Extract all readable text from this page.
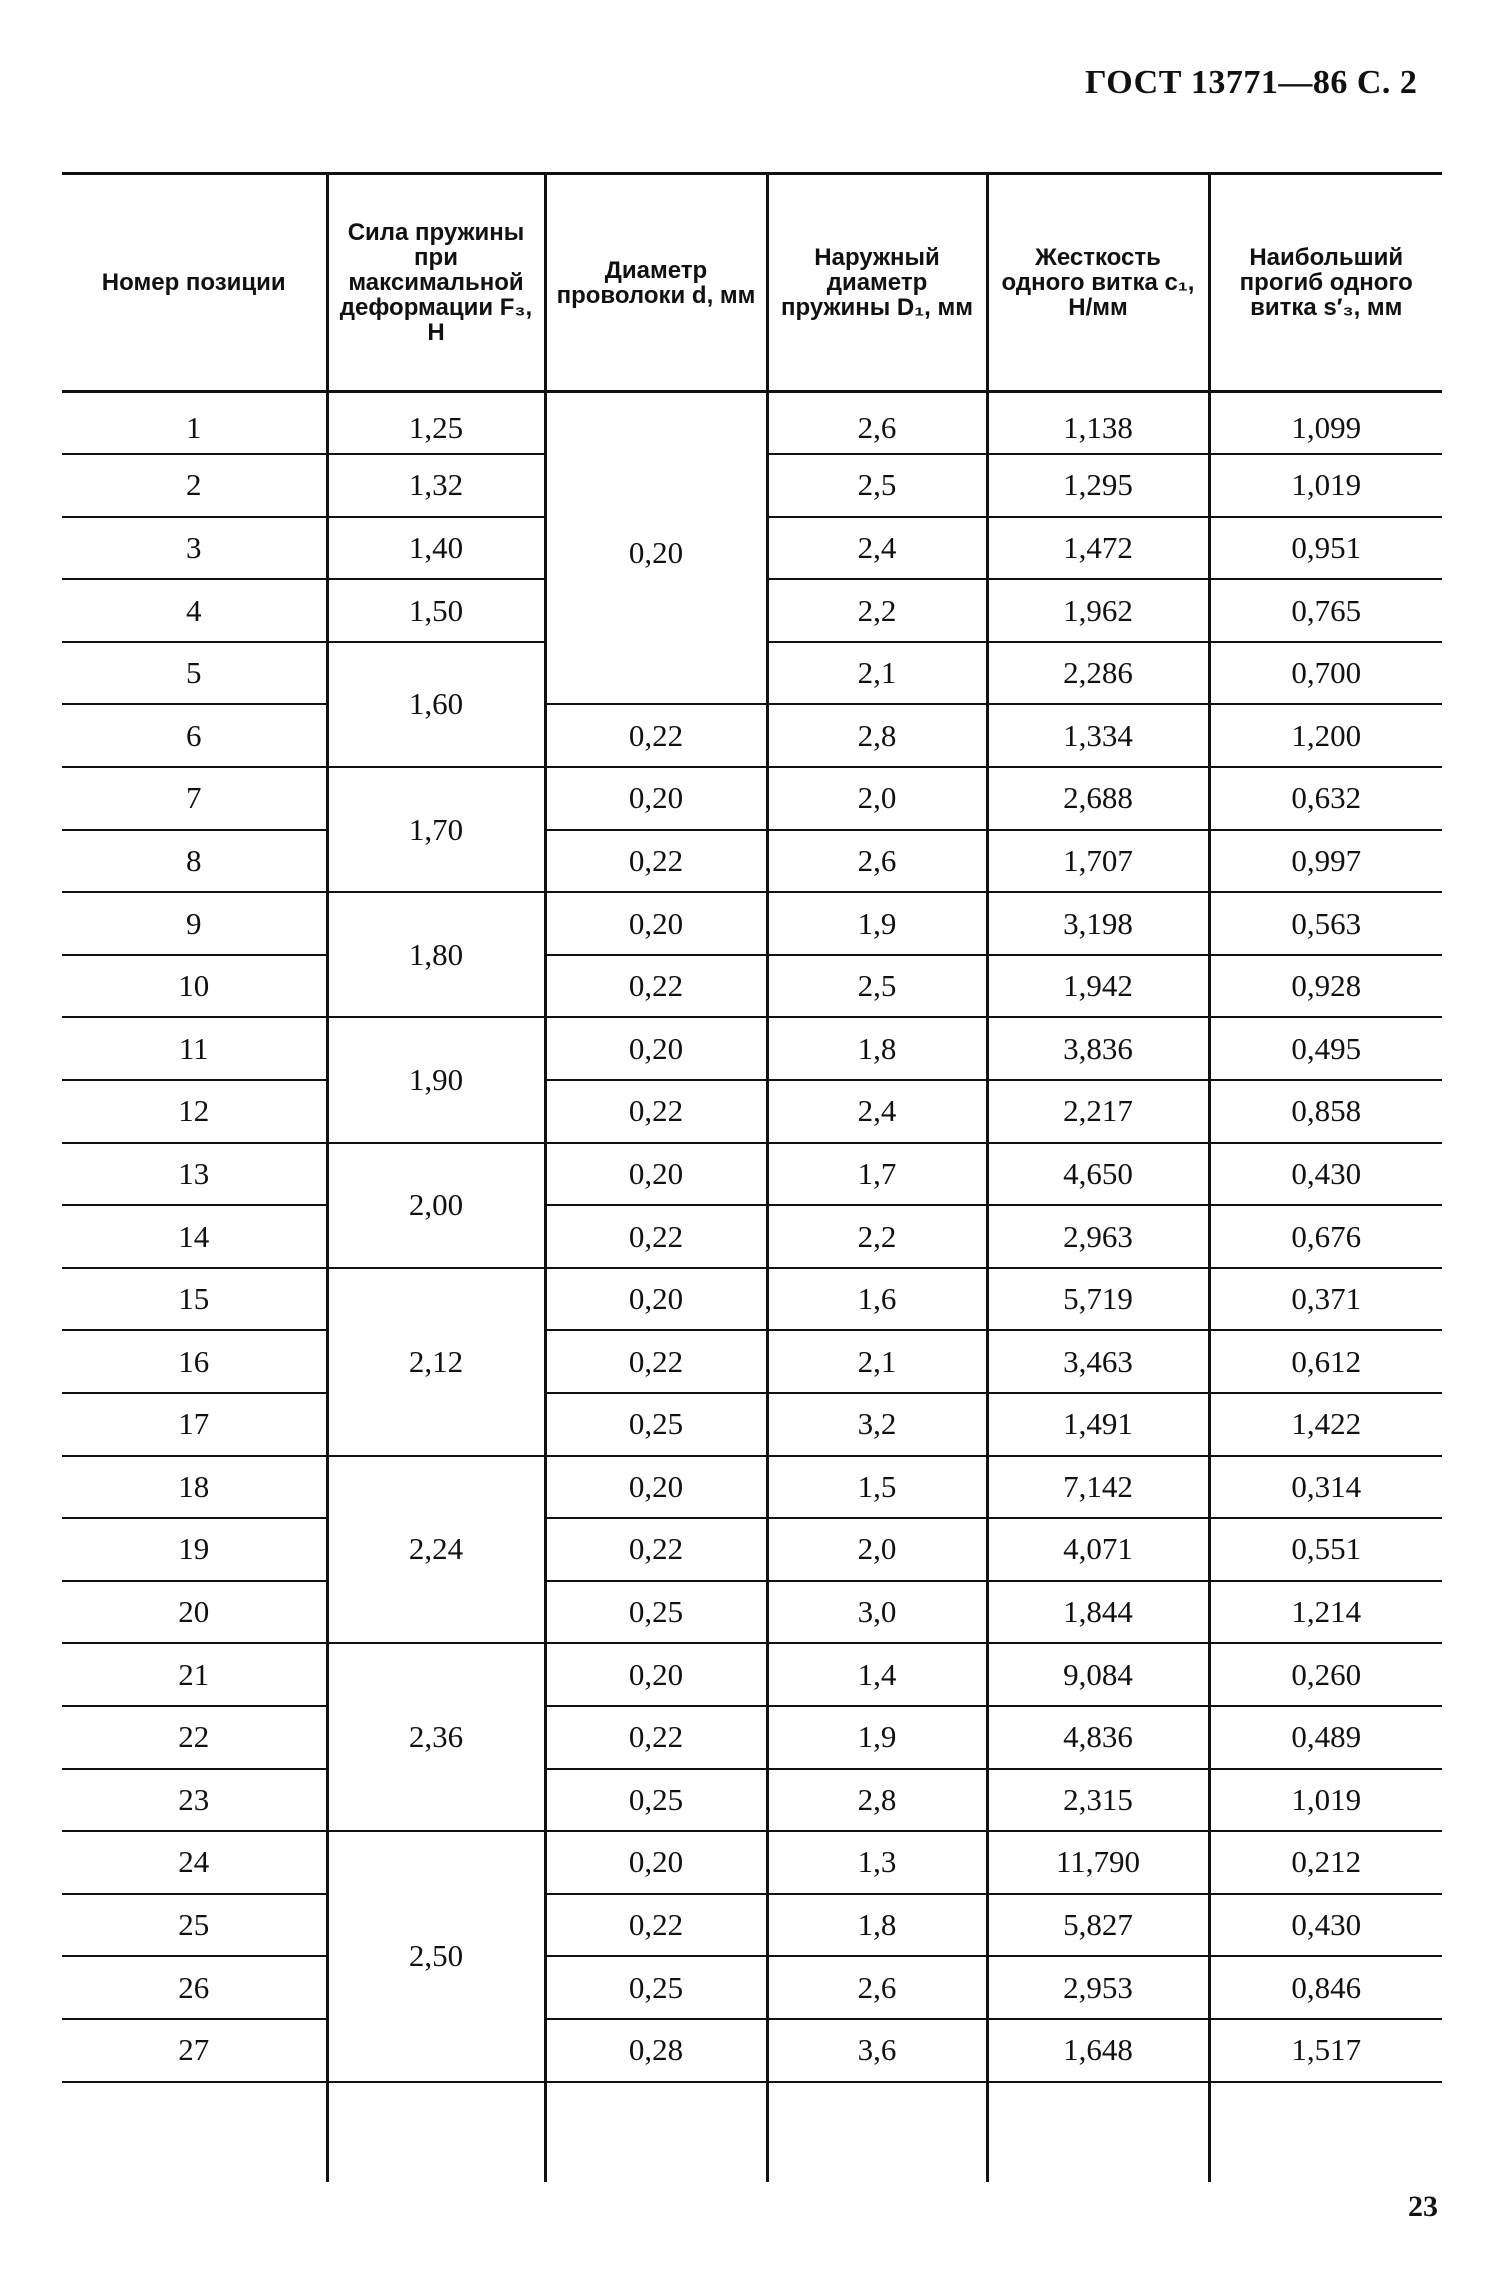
ГОСТ 13771—86 С. 2
Номер позиции	Сила пружины при максимальной деформации F₃, Н	Диаметр проволоки d, мм	Наружный диаметр пружины D₁, мм	Жесткость одного витка c₁, Н/мм	Наибольший прогиб одного витка s′₃, мм
1	1,25	0,20	2,6	1,138	1,099
2	1,32		2,5	1,295	1,019
3	1,40		2,4	1,472	0,951
4	1,50		2,2	1,962	0,765
5	1,60		2,1	2,286	0,700
6		0,22	2,8	1,334	1,200
7	1,70	0,20	2,0	2,688	0,632
8		0,22	2,6	1,707	0,997
9	1,80	0,20	1,9	3,198	0,563
10		0,22	2,5	1,942	0,928
11	1,90	0,20	1,8	3,836	0,495
12		0,22	2,4	2,217	0,858
13	2,00	0,20	1,7	4,650	0,430
14		0,22	2,2	2,963	0,676
15	2,12	0,20	1,6	5,719	0,371
16		0,22	2,1	3,463	0,612
17		0,25	3,2	1,491	1,422
18	2,24	0,20	1,5	7,142	0,314
19		0,22	2,0	4,071	0,551
20		0,25	3,0	1,844	1,214
21	2,36	0,20	1,4	9,084	0,260
22		0,22	1,9	4,836	0,489
23		0,25	2,8	2,315	1,019
24	2,50	0,20	1,3	11,790	0,212
25		0,22	1,8	5,827	0,430
26		0,25	2,6	2,953	0,846
27		0,28	3,6	1,648	1,517

23
